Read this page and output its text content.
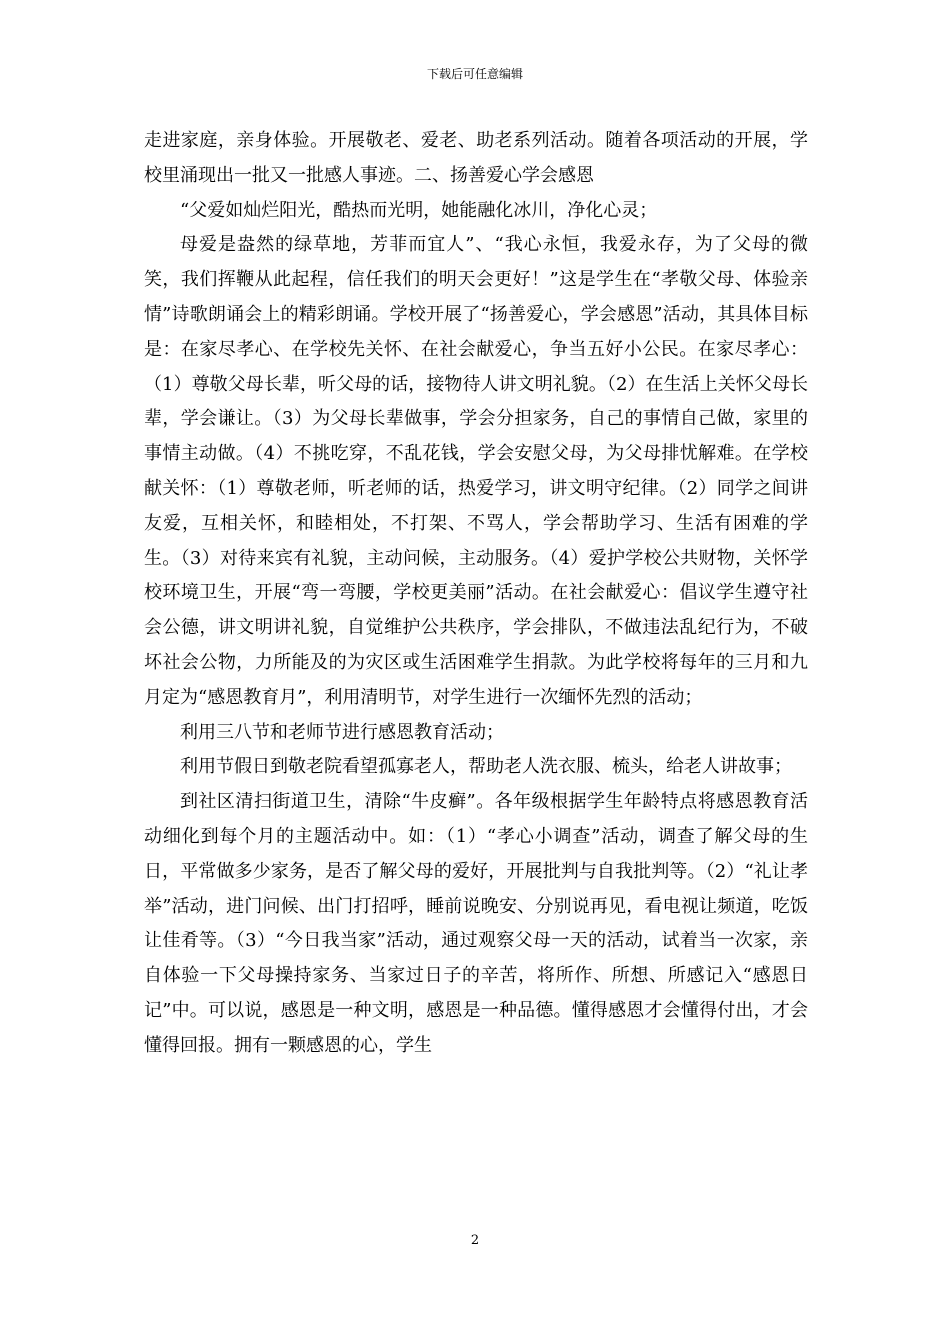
下载后可任意编辑

走进家庭，亲身体验。开展敬老、爱老、助老系列活动。随着各项活动的开展，学校里涌现出一批又一批感人事迹。二、扬善爱心学会感恩

“父爱如灿烂阳光，酷热而光明，她能融化冰川，净化心灵；

母爱是盎然的绿草地，芳菲而宜人”、“我心永恒，我爱永存，为了父母的微笑，我们挥鞭从此起程，信任我们的明天会更好！”这是学生在“孝敬父母、体验亲情”诗歌朗诵会上的精彩朗诵。学校开展了“扬善爱心，学会感恩”活动，其具体目标是：在家尽孝心、在学校先关怀、在社会献爱心，争当五好小公民。在家尽孝心：（1）尊敬父母长辈，听父母的话，接物待人讲文明礼貌。（2）在生活上关怀父母长辈，学会谦让。（3）为父母长辈做事，学会分担家务，自己的事情自己做，家里的事情主动做。（4）不挑吃穿，不乱花钱，学会安慰父母，为父母排忧解难。在学校献关怀：（1）尊敬老师，听老师的话，热爱学习，讲文明守纪律。（2）同学之间讲友爱，互相关怀，和睦相处，不打架、不骂人，学会帮助学习、生活有困难的学生。（3）对待来宾有礼貌，主动问候，主动服务。（4）爱护学校公共财物，关怀学校环境卫生，开展“弯一弯腰，学校更美丽”活动。在社会献爱心：倡议学生遵守社会公德，讲文明讲礼貌，自觉维护公共秩序，学会排队，不做违法乱纪行为，不破坏社会公物，力所能及的为灾区或生活困难学生捐款。为此学校将每年的三月和九月定为“感恩教育月”，利用清明节，对学生进行一次缅怀先烈的活动；

利用三八节和老师节进行感恩教育活动；

利用节假日到敬老院看望孤寡老人，帮助老人洗衣服、梳头，给老人讲故事；

到社区清扫街道卫生，清除“牛皮癣”。各年级根据学生年龄特点将感恩教育活动细化到每个月的主题活动中。如：（1）“孝心小调查”活动，调查了解父母的生日，平常做多少家务，是否了解父母的爱好，开展批判与自我批判等。（2）“礼让孝举”活动，进门问候、出门打招呼，睡前说晚安、分别说再见，看电视让频道，吃饭让佳肴等。（3）“今日我当家”活动，通过观察父母一天的活动，试着当一次家，亲自体验一下父母操持家务、当家过日子的辛苦，将所作、所想、所感记入“感恩日记”中。可以说，感恩是一种文明，感恩是一种品德。懂得感恩才会懂得付出，才会懂得回报。拥有一颗感恩的心，学生

2
